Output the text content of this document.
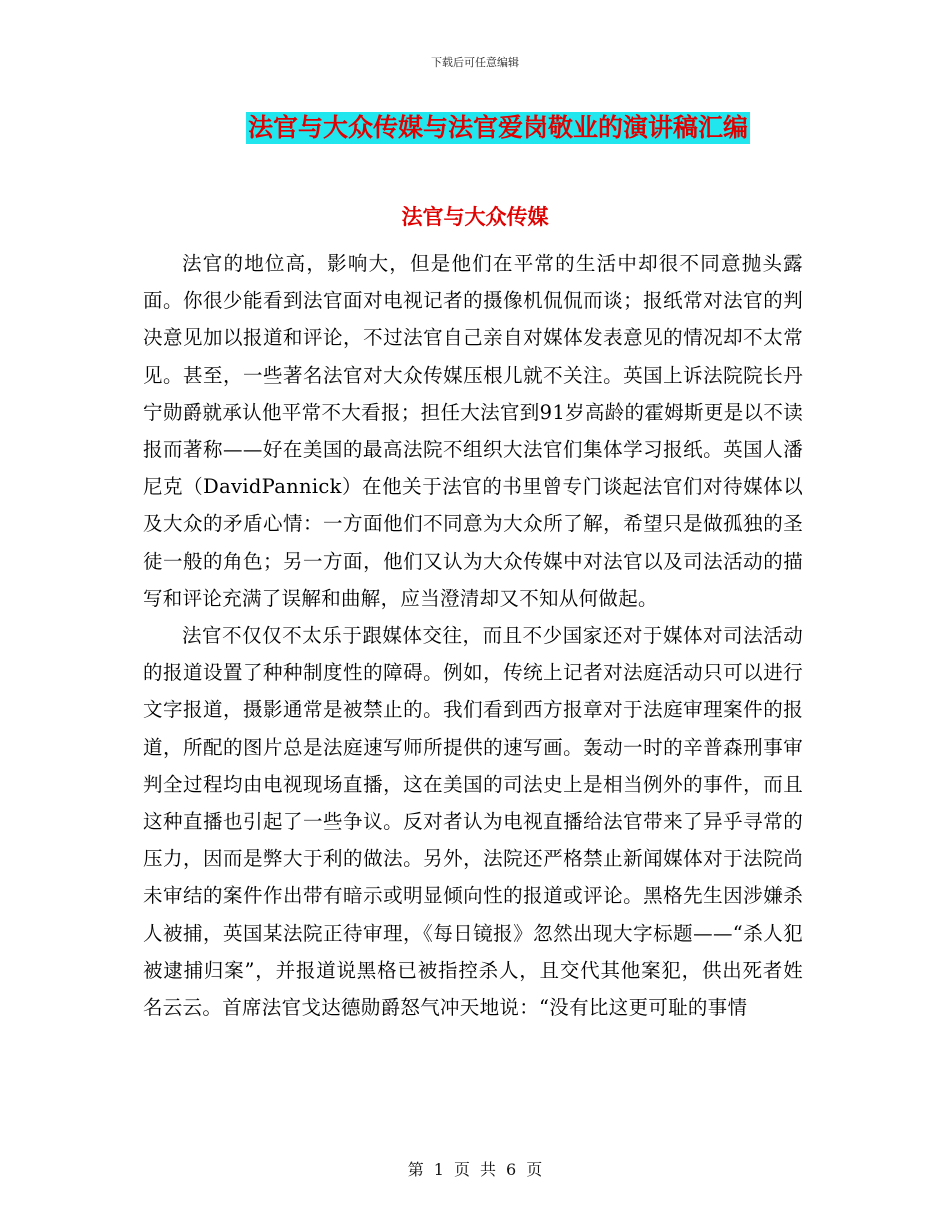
下载后可任意编辑
法官与大众传媒与法官爱岗敬业的演讲稿汇编
法官与大众传媒

法官的地位高，影响大，但是他们在平常的生活中却很不同意抛头露面。你很少能看到法官面对电视记者的摄像机侃侃而谈；报纸常对法官的判决意见加以报道和评论，不过法官自己亲自对媒体发表意见的情况却不太常见。甚至，一些著名法官对大众传媒压根儿就不关注。英国上诉法院院长丹宁勋爵就承认他平常不大看报；担任大法官到91岁高龄的霍姆斯更是以不读报而著称——好在美国的最高法院不组织大法官们集体学习报纸。英国人潘尼克（DavidPannick）在他关于法官的书里曾专门谈起法官们对待媒体以及大众的矛盾心情：一方面他们不同意为大众所了解，希望只是做孤独的圣徒一般的角色；另一方面，他们又认为大众传媒中对法官以及司法活动的描写和评论充满了误解和曲解，应当澄清却又不知从何做起。

法官不仅仅不太乐于跟媒体交往，而且不少国家还对于媒体对司法活动的报道设置了种种制度性的障碍。例如，传统上记者对法庭活动只可以进行文字报道，摄影通常是被禁止的。我们看到西方报章对于法庭审理案件的报道，所配的图片总是法庭速写师所提供的速写画。轰动一时的辛普森刑事审判全过程均由电视现场直播，这在美国的司法史上是相当例外的事件，而且这种直播也引起了一些争议。反对者认为电视直播给法官带来了异乎寻常的压力，因而是弊大于利的做法。另外，法院还严格禁止新闻媒体对于法院尚未审结的案件作出带有暗示或明显倾向性的报道或评论。黑格先生因涉嫌杀人被捕，英国某法院正待审理，《每日镜报》忽然出现大字标题——“杀人犯被逮捕归案”，并报道说黑格已被指控杀人，且交代其他案犯，供出死者姓名云云。首席法官戈达德勋爵怒气冲天地说：“没有比这更可耻的事情

第 1 页 共 6 页
